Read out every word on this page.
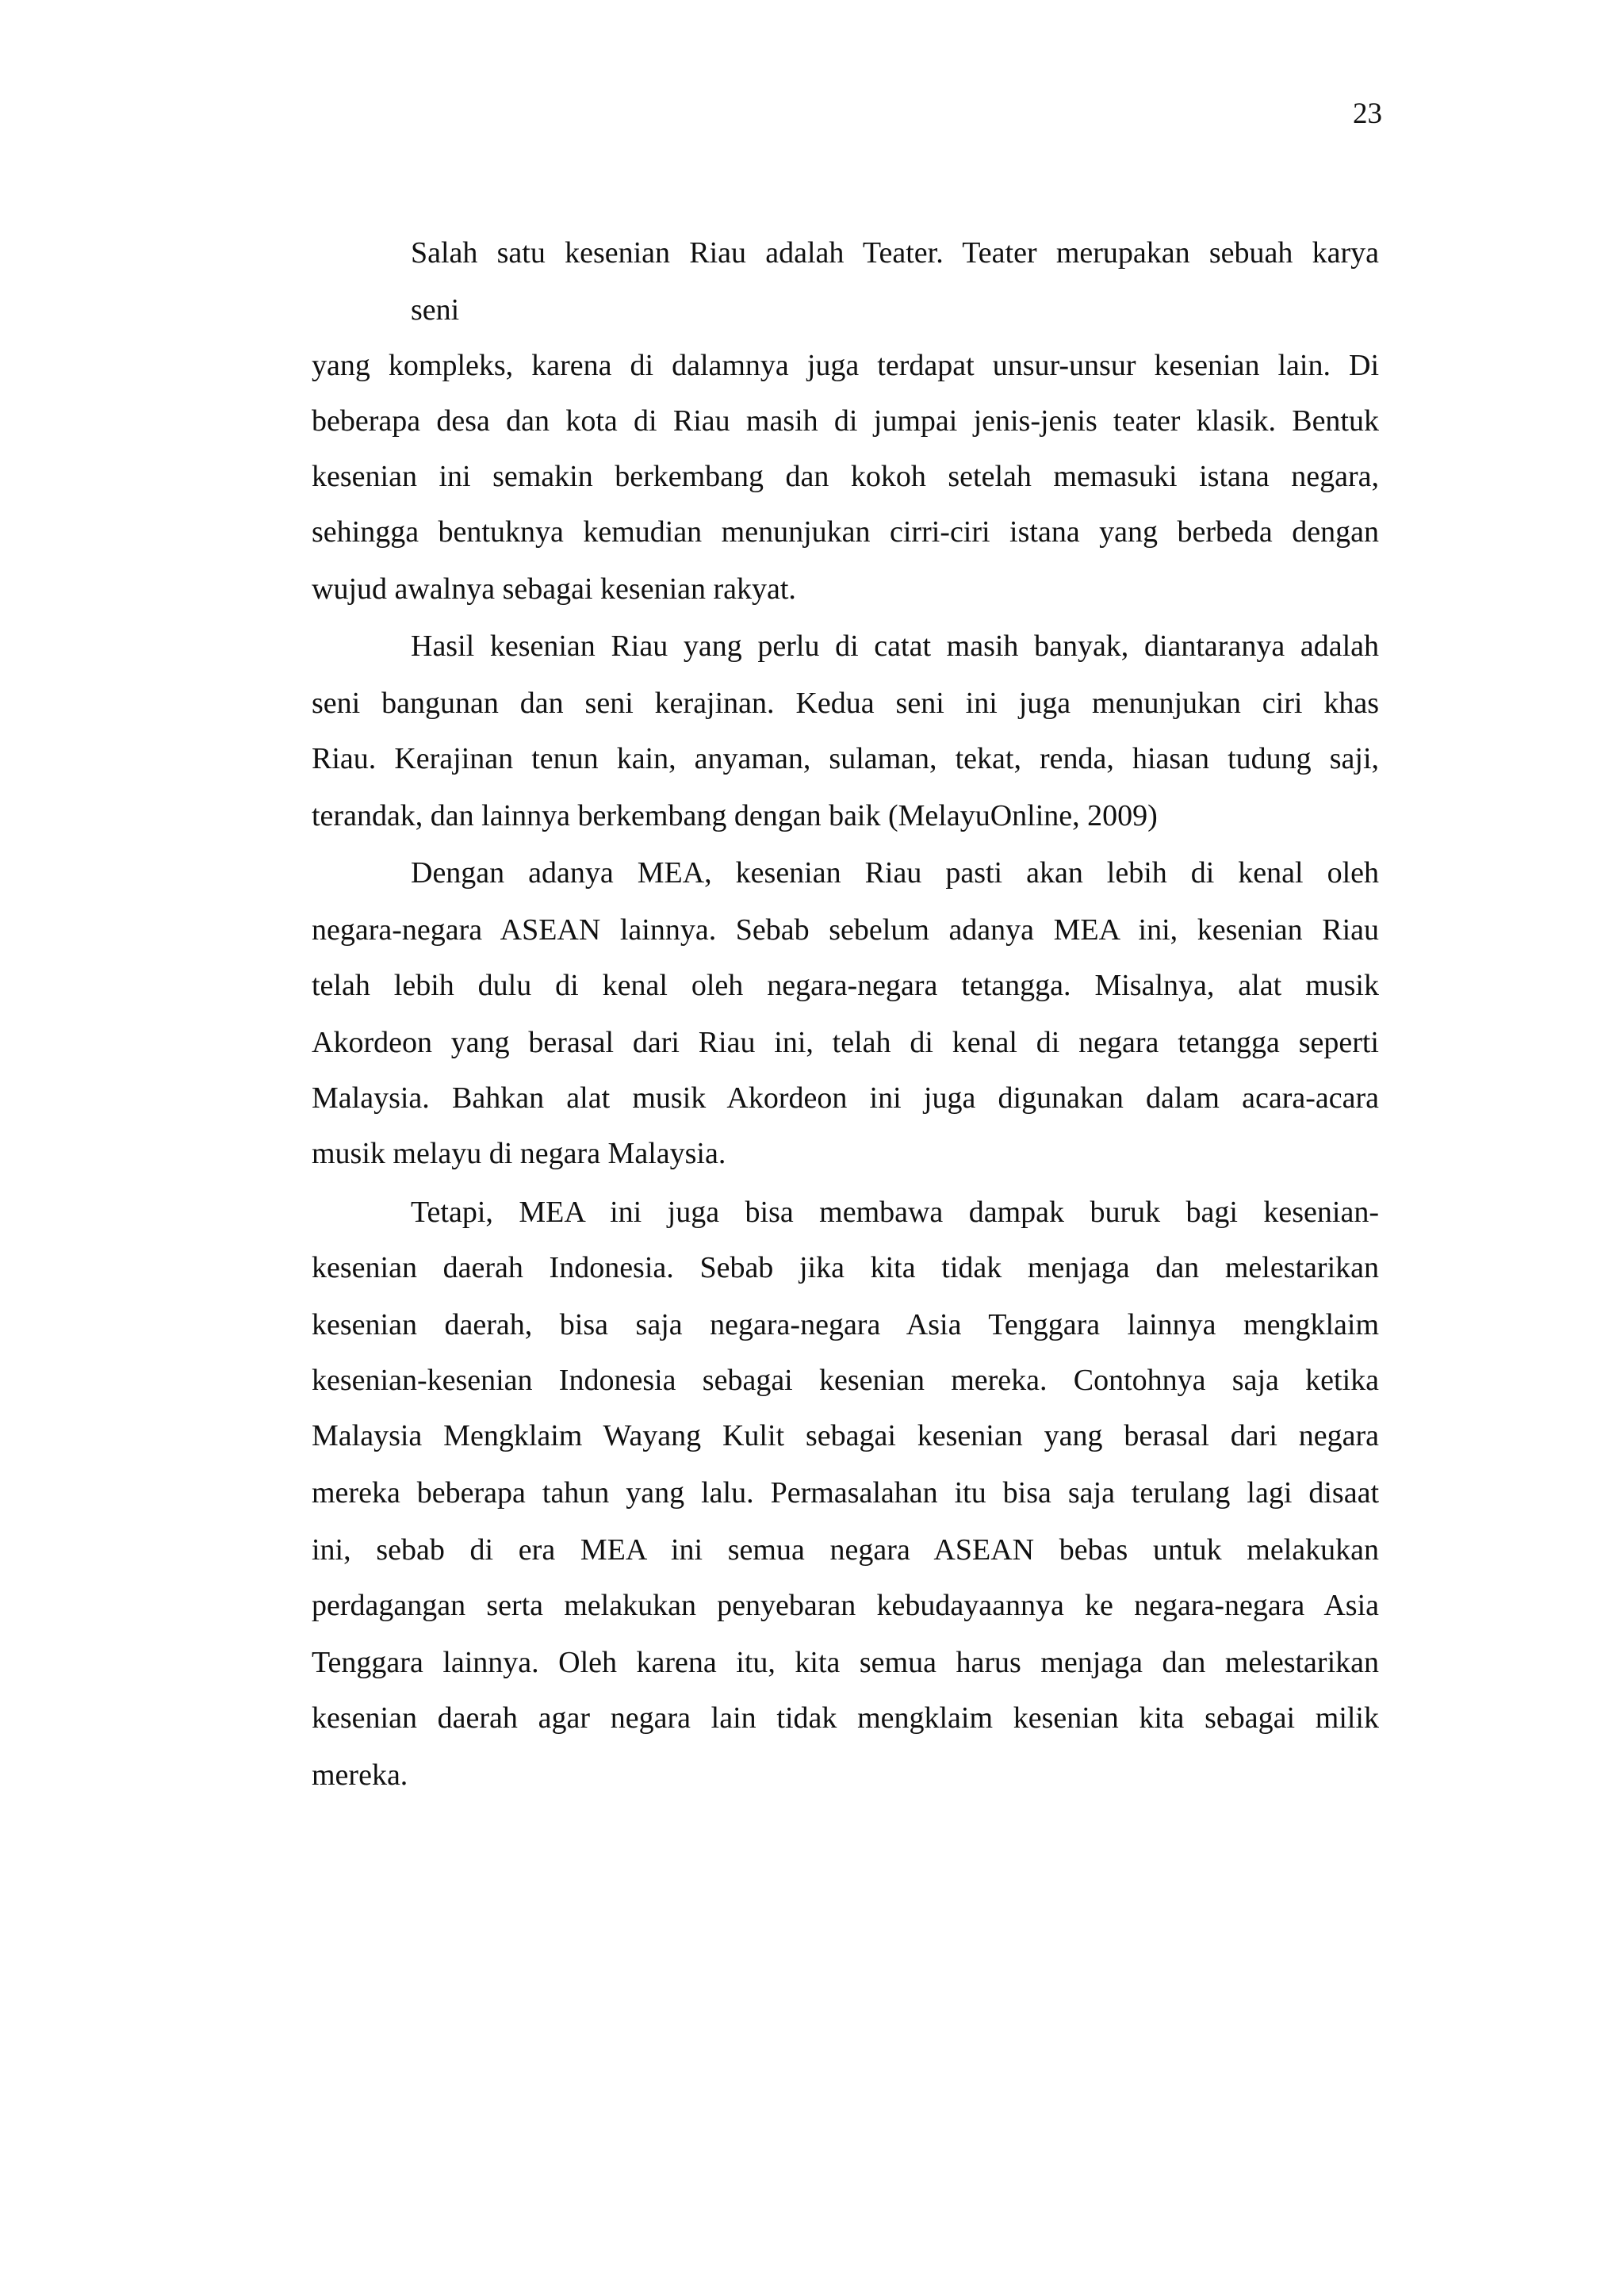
23
Salah satu kesenian Riau adalah Teater. Teater merupakan sebuah karya
seni
yang kompleks, karena di dalamnya juga terdapat unsur-unsur kesenian lain. Di
beberapa desa dan kota di Riau masih di jumpai jenis-jenis teater klasik. Bentuk
kesenian ini semakin berkembang dan kokoh setelah memasuki istana negara,
sehingga bentuknya kemudian menunjukan cirri-ciri istana yang berbeda dengan
wujud awalnya sebagai kesenian rakyat.
Hasil kesenian Riau yang perlu di catat masih banyak, diantaranya adalah
seni bangunan dan seni kerajinan. Kedua seni ini juga menunjukan ciri khas
Riau. Kerajinan tenun kain, anyaman, sulaman, tekat, renda, hiasan tudung saji,
terandak, dan lainnya berkembang dengan baik (MelayuOnline, 2009)
Dengan adanya MEA, kesenian Riau pasti akan lebih di kenal oleh
negara-negara ASEAN lainnya. Sebab sebelum adanya MEA ini, kesenian Riau
telah lebih dulu di kenal oleh negara-negara tetangga. Misalnya, alat musik
Akordeon yang berasal dari Riau ini, telah di kenal di negara tetangga seperti
Malaysia. Bahkan alat musik Akordeon ini juga digunakan dalam acara-acara
musik melayu di negara Malaysia.
Tetapi, MEA ini juga bisa membawa dampak buruk bagi kesenian-
kesenian daerah Indonesia. Sebab jika kita tidak menjaga dan melestarikan
kesenian daerah, bisa saja negara-negara Asia Tenggara lainnya mengklaim
kesenian-kesenian Indonesia sebagai kesenian mereka. Contohnya saja ketika
Malaysia Mengklaim Wayang Kulit sebagai kesenian yang berasal dari negara
mereka beberapa tahun yang lalu. Permasalahan itu bisa saja terulang lagi disaat
ini, sebab di era MEA ini semua negara ASEAN bebas untuk melakukan
perdagangan serta melakukan penyebaran kebudayaannya ke negara-negara Asia
Tenggara lainnya. Oleh karena itu, kita semua harus menjaga dan melestarikan
kesenian daerah agar negara lain tidak mengklaim kesenian kita sebagai milik
mereka.
